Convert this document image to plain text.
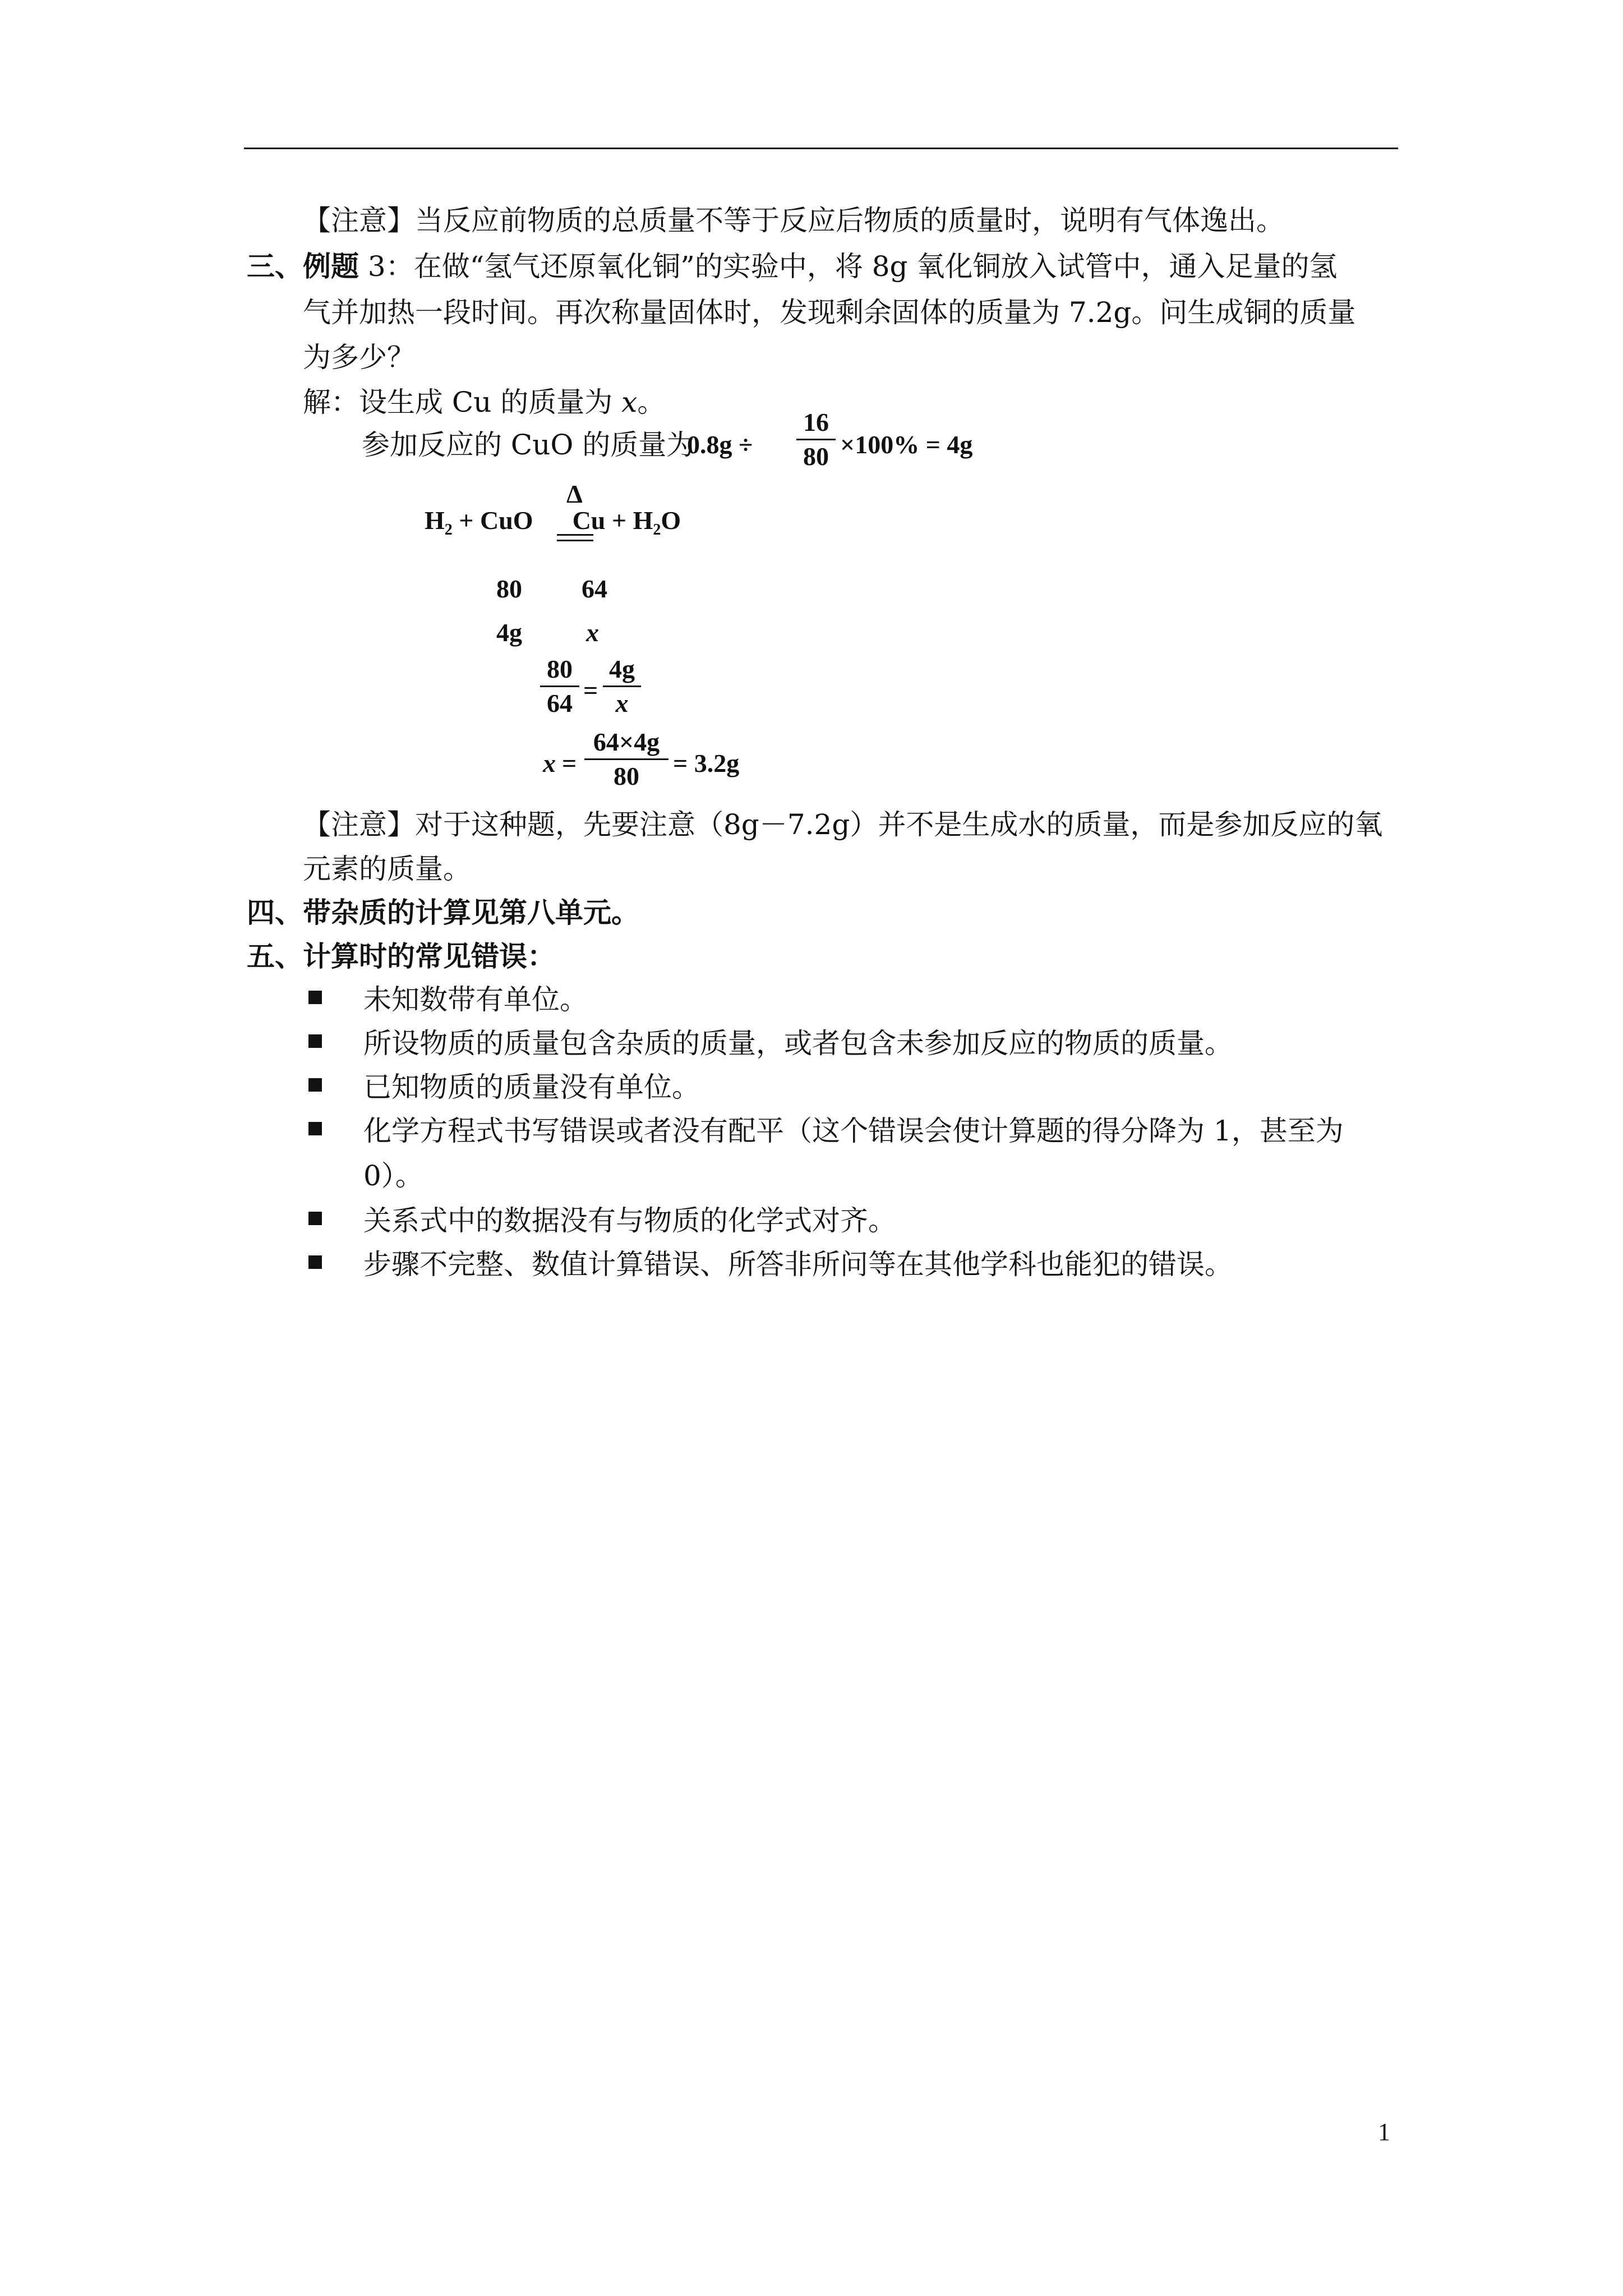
【注意】当反应前物质的总质量不等于反应后物质的质量时，说明有气体逸出。
三、例题 3：在做“氢气还原氧化铜”的实验中，将 8g 氧化铜放入试管中，通入足量的氢
气并加热一段时间。再次称量固体时，发现剩余固体的质量为 7.2g。问生成铜的质量
为多少？
解：设生成 Cu 的质量为 x。
参加反应的 CuO 的质量为
0.8g ÷
16
80 ×100% = 4g
Δ
$H_2$ + CuO $Cu + H_2O$
80 64
4g x
80
64 =
4g
x
x =
64×4g
80	= 3.2g
【注意】对于这种题，先要注意（8g－7.2g）并不是生成水的质量，而是参加反应的氧
元素的质量。
四、带杂质的计算见第八单元。
五、计算时的常见错误：
未知数带有单位。
所设物质的质量包含杂质的质量，或者包含未参加反应的物质的质量。
已知物质的质量没有单位。
化学方程式书写错误或者没有配平（这个错误会使计算题的得分降为 1，甚至为
0）。
关系式中的数据没有与物质的化学式对齐。
步骤不完整、数值计算错误、所答非所问等在其他学科也能犯的错误。
1
